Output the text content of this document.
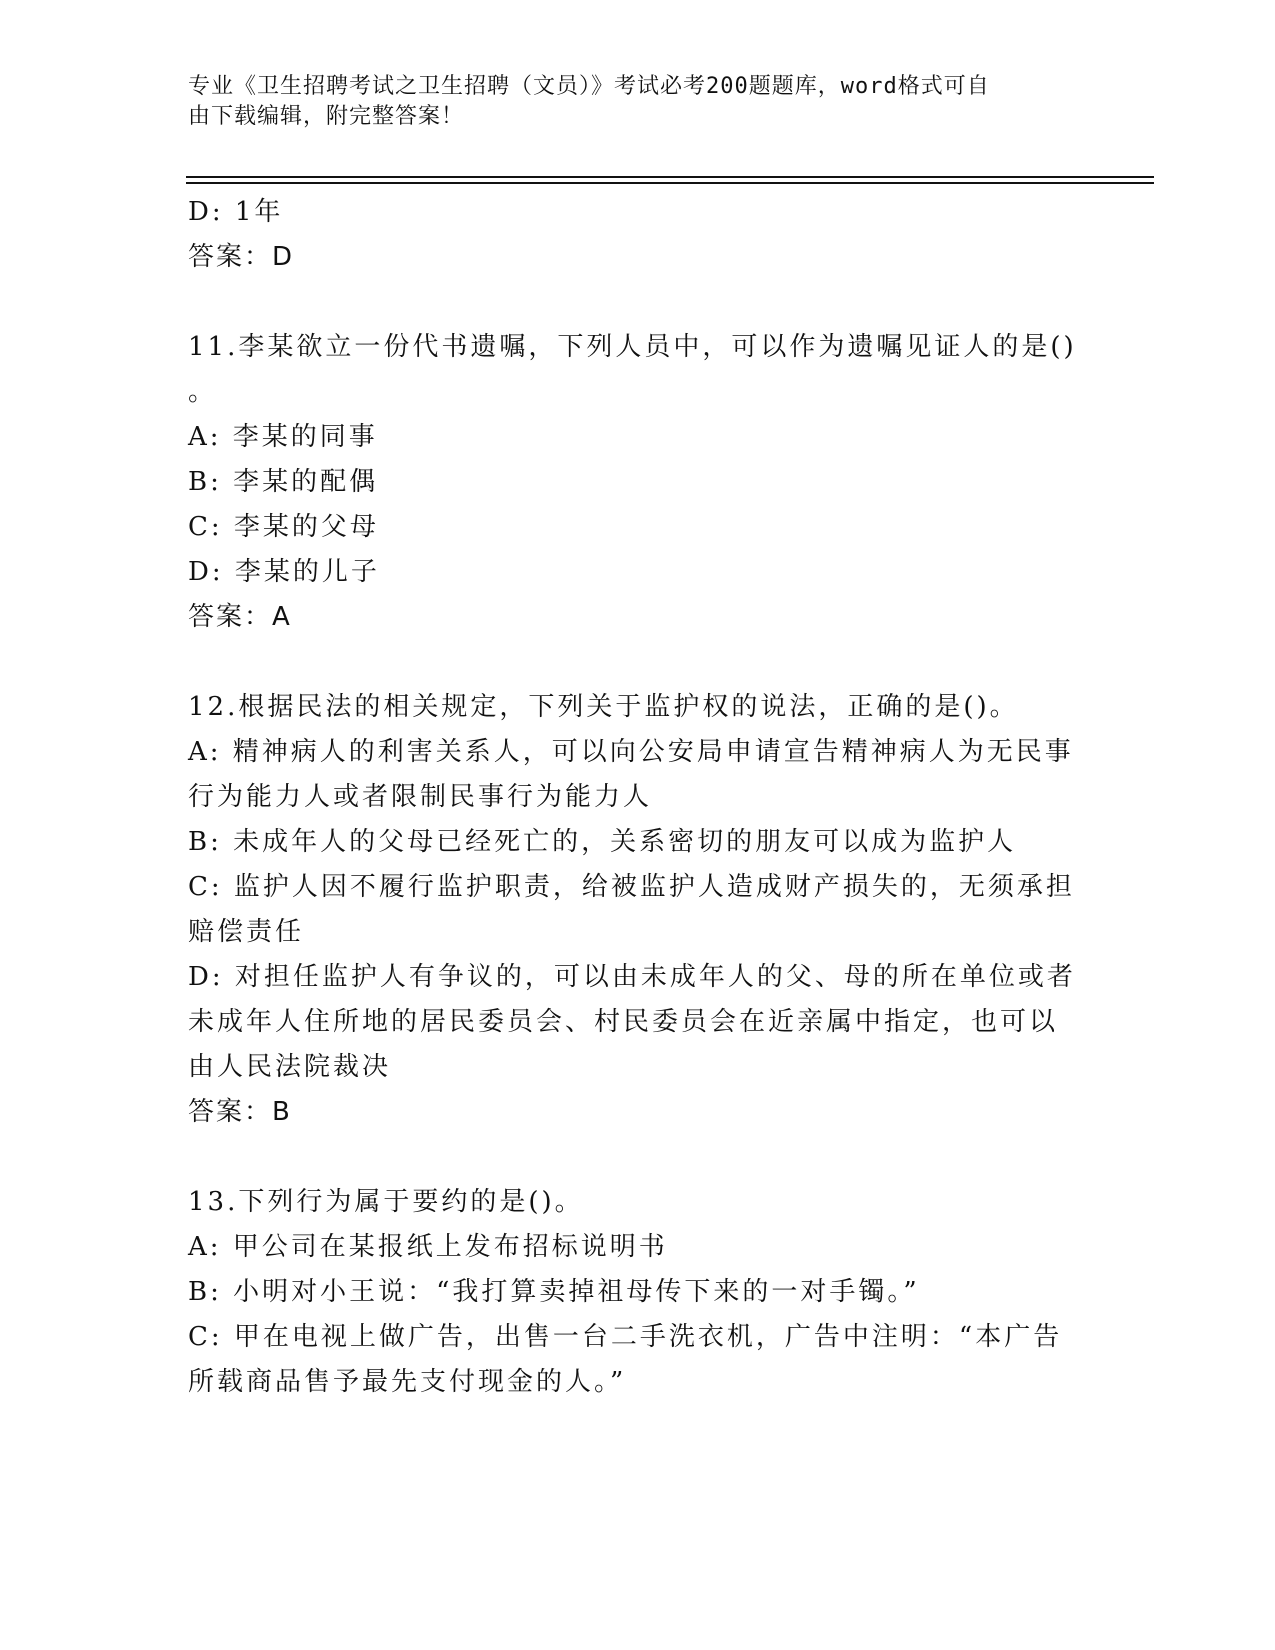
专业《卫生招聘考试之卫生招聘（文员）》考试必考200题题库，word格式可自
由下载编辑，附完整答案！
D: 1年
答案：D
11.李某欲立一份代书遗嘱，下列人员中，可以作为遗嘱见证人的是()
。
A: 李某的同事
B: 李某的配偶
C: 李某的父母
D: 李某的儿子
答案：A
12.根据民法的相关规定，下列关于监护权的说法，正确的是()。
A: 精神病人的利害关系人，可以向公安局申请宣告精神病人为无民事
行为能力人或者限制民事行为能力人
B: 未成年人的父母已经死亡的，关系密切的朋友可以成为监护人
C: 监护人因不履行监护职责，给被监护人造成财产损失的，无须承担
赔偿责任
D: 对担任监护人有争议的，可以由未成年人的父、母的所在单位或者
未成年人住所地的居民委员会、村民委员会在近亲属中指定，也可以
由人民法院裁决
答案：B
13.下列行为属于要约的是()。
A: 甲公司在某报纸上发布招标说明书
B: 小明对小王说：“我打算卖掉祖母传下来的一对手镯。”
C: 甲在电视上做广告，出售一台二手洗衣机，广告中注明：“本广告
所载商品售予最先支付现金的人。”
